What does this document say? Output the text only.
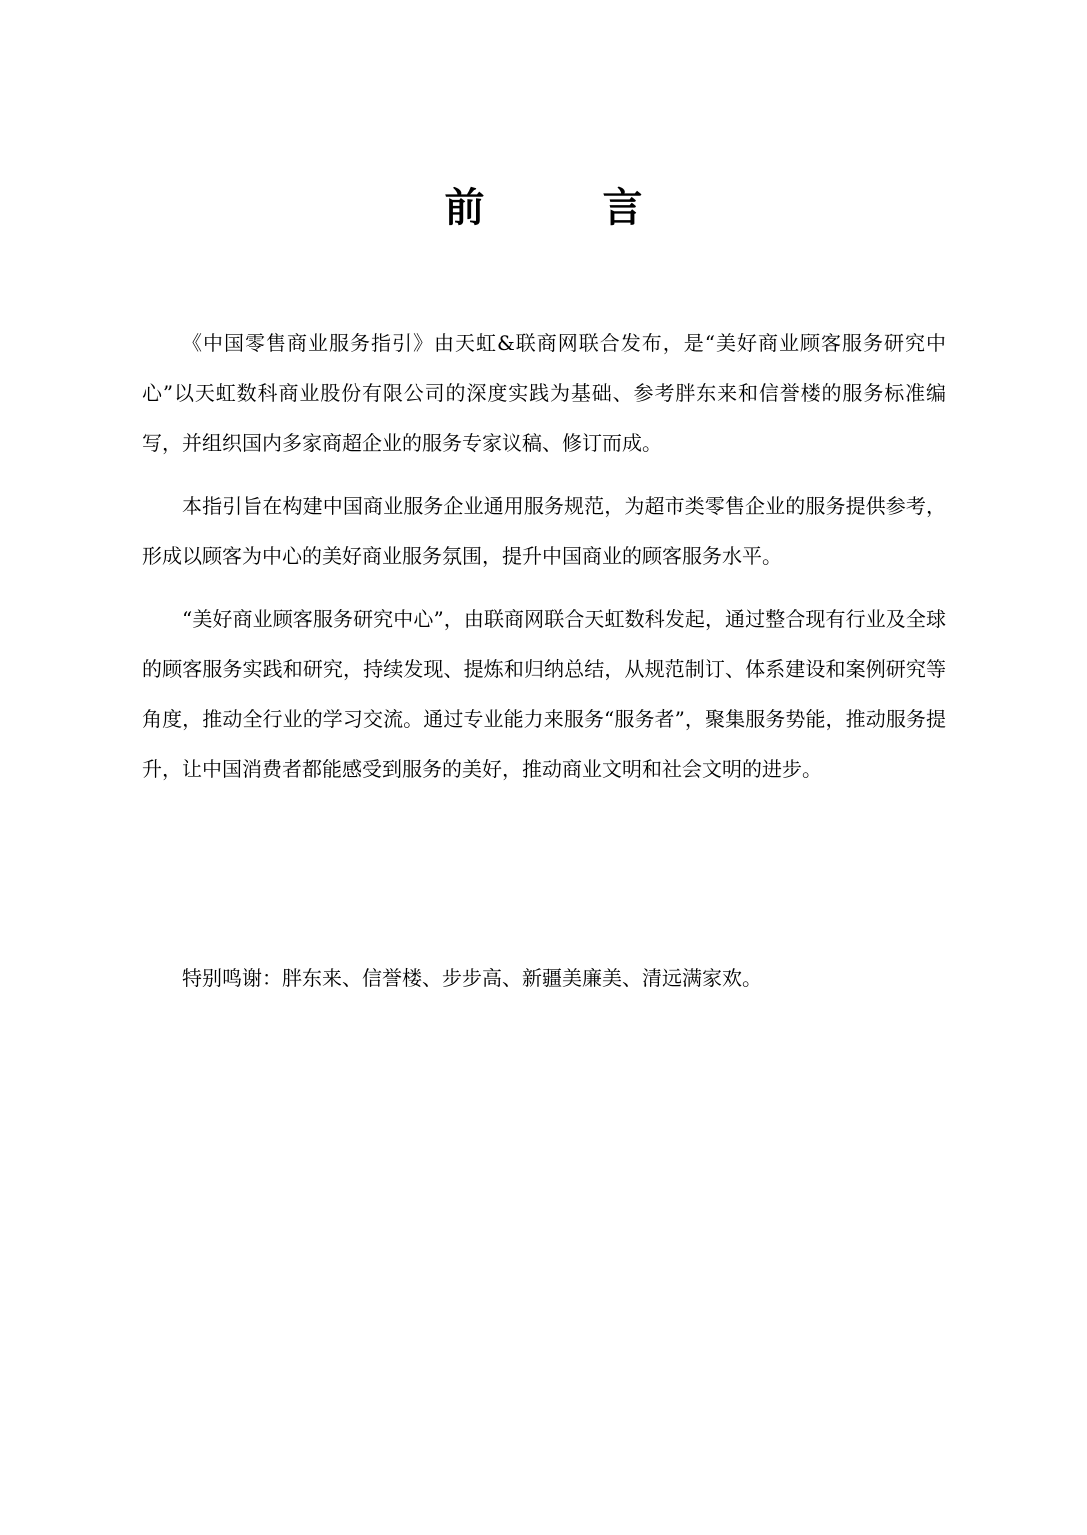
前 言

《中国零售商业服务指引》由天虹&联商网联合发布，是“美好商业顾客服务研究中心”以天虹数科商业股份有限公司的深度实践为基础、参考胖东来和信誉楼的服务标准编写，并组织国内多家商超企业的服务专家议稿、修订而成。

本指引旨在构建中国商业服务企业通用服务规范，为超市类零售企业的服务提供参考，形成以顾客为中心的美好商业服务氛围，提升中国商业的顾客服务水平。

“美好商业顾客服务研究中心”，由联商网联合天虹数科发起，通过整合现有行业及全球的顾客服务实践和研究，持续发现、提炼和归纳总结，从规范制订、体系建设和案例研究等角度，推动全行业的学习交流。通过专业能力来服务“服务者”，聚集服务势能，推动服务提升，让中国消费者都能感受到服务的美好，推动商业文明和社会文明的进步。

特别鸣谢：胖东来、信誉楼、步步高、新疆美廉美、清远满家欢。
